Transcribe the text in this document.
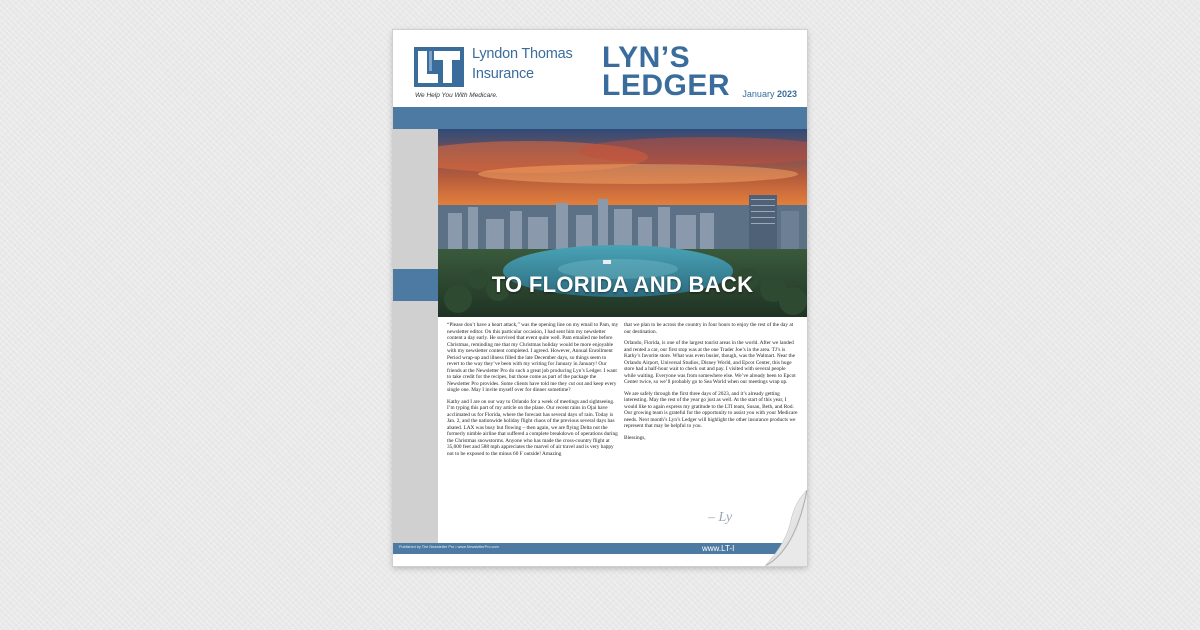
Lyndon Thomas
Insurance
We Help You With Medicare.
LYN’S
LEDGER	January 2023
TO FLORIDA AND BACK

“Please don’t have a heart attack,” was the opening line on my email to Pam, my newsletter editor. On this particular occasion, I had sent him my newsletter content a day early. He survived that event quite well. Pam emailed me before Christmas, reminding me that my Christmas holiday would be more enjoyable with my newsletter content completed. I agreed. However, Annual Enrollment Period wrap-up and illness filled the late December days, so things seem to revert to the way they’ve been with my writing for January in January! Our friends at the Newsletter Pro do such a great job producing Lyn’s Ledger. I want to take credit for the recipes, but those come as part of the package the Newsletter Pro provides. Some clients have told me they cut out and keep every single one. May I invite myself over for dinner sometime?

Kathy and I are on our way to Orlando for a week of meetings and sightseeing. I’m typing this part of my article on the plane. Our recent rains in Ojai have acclimated us for Florida, where the forecast has several days of rain. Today is Jan. 2, and the nationwide holiday flight chaos of the previous several days has abated. LAX was busy but flowing – then again, we are flying Delta not the formerly nimble airline that suffered a complete breakdown of operations during the Christmas snowstorms. Anyone who has made the cross-country flight at 35,000 feet and 588 mph appreciates the marvel of air travel and is very happy not to be exposed to the minus 60 F outside! Amazing

that we plan to be across the country in four hours to enjoy the rest of the day at our destination.

Orlando, Florida, is one of the largest tourist areas in the world. After we landed and rented a car, our first stop was at the one Trader Joe’s in the area. TJ’s is Kathy’s favorite store. What was even busier, though, was the Walmart. Near the Orlando Airport, Universal Studios, Disney World, and Epcot Center, this huge store had a half-hour wait to check out and pay. I visited with several people while waiting. Everyone was from somewhere else. We’ve already been to Epcot Center twice, so we’ll probably go to Sea World when our meetings wrap up.

We are safely through the first three days of 2023, and it’s already getting interesting. May the rest of the year go just as well. At the start of this year, I would like to again express my gratitude to the LTI team, Susan, Beth, and Rod. Our growing team is grateful for the opportunity to assist you with your Medicare needs. Next month’s Lyn’s Ledger will highlight the other insurance products we represent that may be helpful to you.

Blessings,

– Ly
Published by The Newsletter Pro • www.NewsletterPro.com	www.LT-I
